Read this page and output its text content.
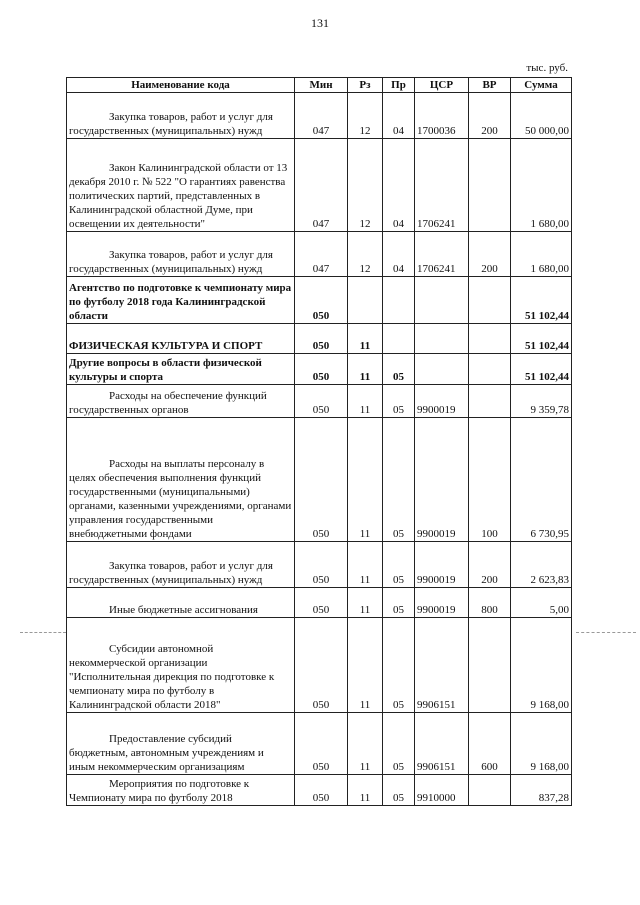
131
тыс. руб.
Наименование кода	Мин	Рз	Пр	ЦСР	ВР	Сумма
Закупка товаров, работ и услуг для государственных (муниципальных) нужд	047	12	04	1700036	200	50 000,00
Закон Калининградской области от 13 декабря 2010 г. № 522 "О гарантиях равенства политических партий, представленных в Калининградской областной Думе, при освещении их деятельности"	047	12	04	1706241		1 680,00
Закупка товаров, работ и услуг для государственных (муниципальных) нужд	047	12	04	1706241	200	1 680,00
Агентство по подготовке к чемпионату мира по футболу 2018 года Калининградской области	050					51 102,44
ФИЗИЧЕСКАЯ КУЛЬТУРА И СПОРТ	050	11				51 102,44
Другие вопросы в области физической культуры и спорта	050	11	05			51 102,44
Расходы на обеспечение функций государственных органов	050	11	05	9900019		9 359,78
Расходы на выплаты персоналу в целях обеспечения выполнения функций государственными (муниципальными) органами, казенными учреждениями, органами управления государственными внебюджетными фондами	050	11	05	9900019	100	6 730,95
Закупка товаров, работ и услуг для государственных (муниципальных) нужд	050	11	05	9900019	200	2 623,83
Иные бюджетные ассигнования	050	11	05	9900019	800	5,00
Субсидии автономной некоммерческой организации "Исполнительная дирекция по подготовке к чемпионату мира по футболу в Калининградской области 2018"	050	11	05	9906151		9 168,00
Предоставление субсидий бюджетным, автономным учреждениям и иным некоммерческим организациям	050	11	05	9906151	600	9 168,00
Мероприятия по подготовке к Чемпионату мира по футболу 2018	050	11	05	9910000		837,28
